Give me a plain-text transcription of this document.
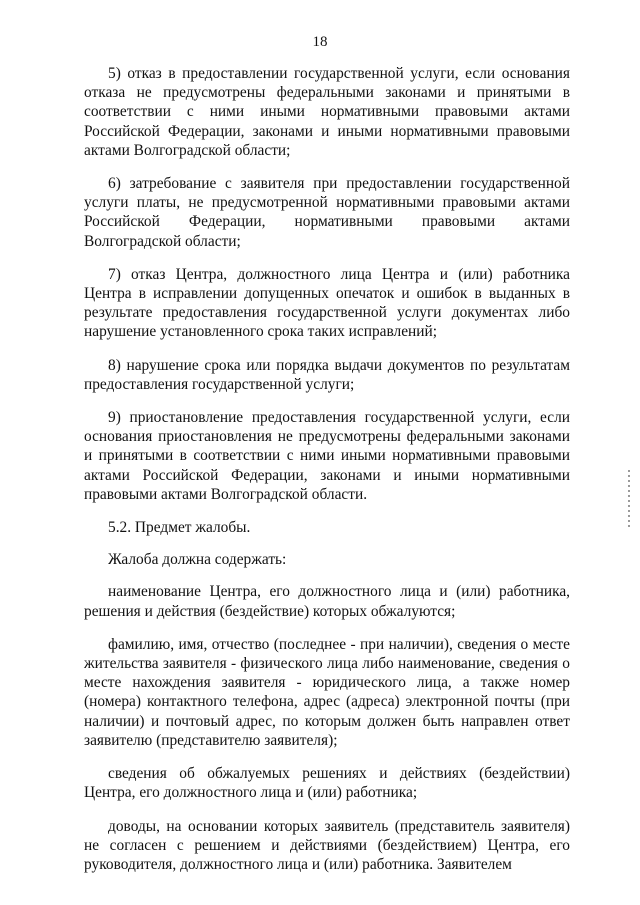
18

5) отказ в предоставлении государственной услуги, если основания отказа не предусмотрены федеральными законами и принятыми в соответствии с ними иными нормативными правовыми актами Российской Федерации, законами и иными нормативными правовыми актами Волгоградской области;

6) затребование с заявителя при предоставлении государственной услуги платы, не предусмотренной нормативными правовыми актами Российской Федерации, нормативными правовыми актами Волгоградской области;

7) отказ Центра, должностного лица Центра и (или) работника Центра в исправлении допущенных опечаток и ошибок в выданных в результате предоставления государственной услуги документах либо нарушение установленного срока таких исправлений;

8) нарушение срока или порядка выдачи документов по результатам предоставления государственной услуги;

9) приостановление предоставления государственной услуги, если основания приостановления не предусмотрены федеральными законами и принятыми в соответствии с ними иными нормативными правовыми актами Российской Федерации, законами и иными нормативными правовыми актами Волгоградской области.

5.2. Предмет жалобы.

Жалоба должна содержать:

наименование Центра, его должностного лица и (или) работника, решения и действия (бездействие) которых обжалуются;

фамилию, имя, отчество (последнее - при наличии), сведения о месте жительства заявителя - физического лица либо наименование, сведения о месте нахождения заявителя - юридического лица, а также номер (номера) контактного телефона, адрес (адреса) электронной почты (при наличии) и почтовый адрес, по которым должен быть направлен ответ заявителю (представителю заявителя);

сведения об обжалуемых решениях и действиях (бездействии) Центра, его должностного лица и (или) работника;

доводы, на основании которых заявитель (представитель заявителя) не согласен с решением и действиями (бездействием) Центра, его руководителя, должностного лица и (или) работника. Заявителем
